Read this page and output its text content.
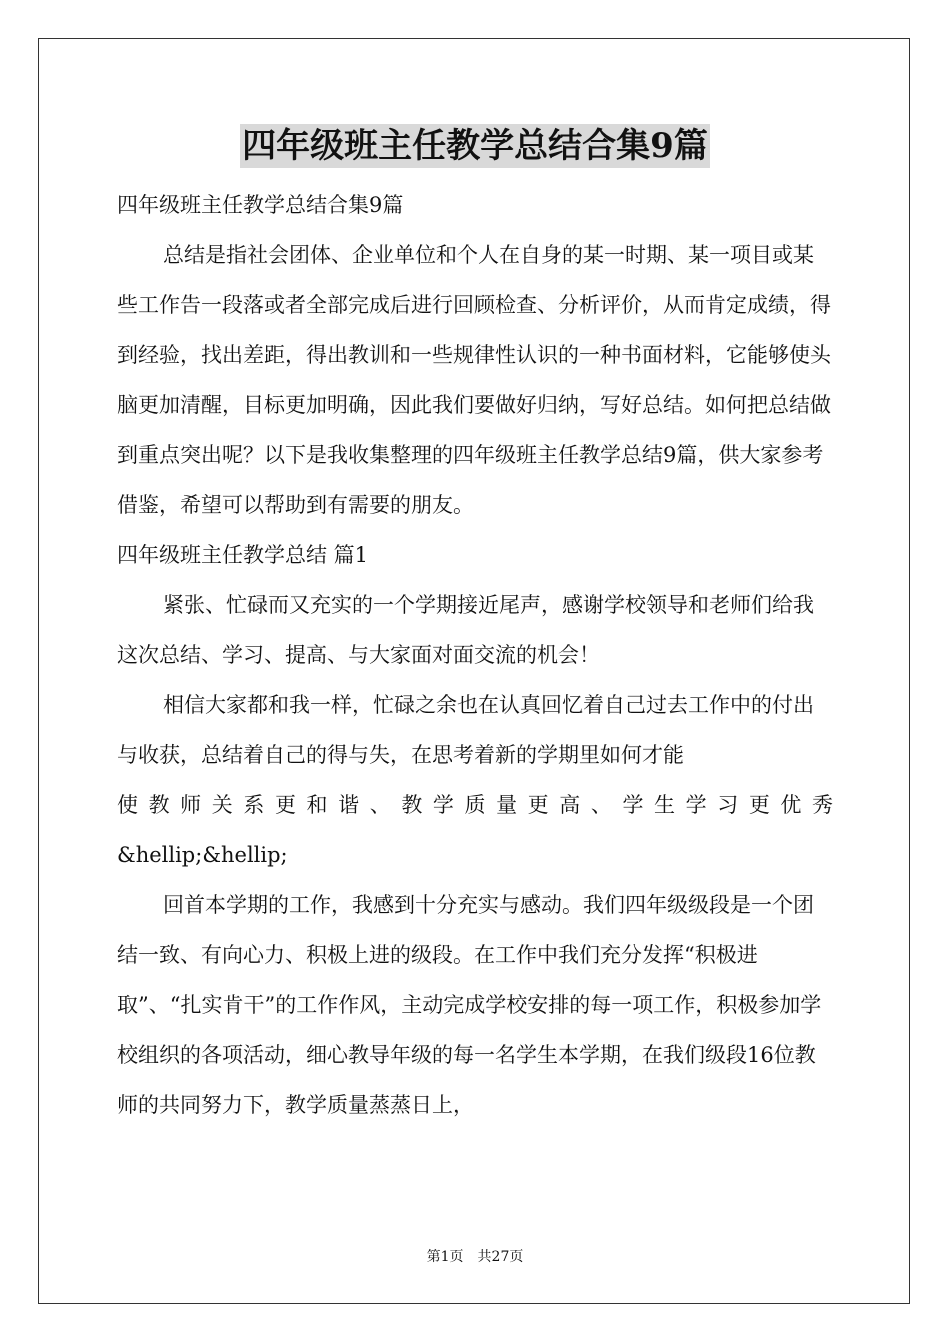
四年级班主任教学总结合集9篇

四年级班主任教学总结合集9篇

总结是指社会团体、企业单位和个人在自身的某一时期、某一项目或某些工作告一段落或者全部完成后进行回顾检查、分析评价，从而肯定成绩，得到经验，找出差距，得出教训和一些规律性认识的一种书面材料，它能够使头脑更加清醒，目标更加明确，因此我们要做好归纳，写好总结。如何把总结做到重点突出呢？以下是我收集整理的四年级班主任教学总结9篇，供大家参考借鉴，希望可以帮助到有需要的朋友。

四年级班主任教学总结 篇1

紧张、忙碌而又充实的一个学期接近尾声，感谢学校领导和老师们给我这次总结、学习、提高、与大家面对面交流的机会！

相信大家都和我一样，忙碌之余也在认真回忆着自己过去工作中的付出与收获，总结着自己的得与失，在思考着新的学期里如何才能

使教师关系更和谐、教学质量更高、学生学习更优秀

&hellip;&hellip;

回首本学期的工作，我感到十分充实与感动。我们四年级级段是一个团结一致、有向心力、积极上进的级段。在工作中我们充分发挥“积极进取”、“扎实肯干”的工作作风，主动完成学校安排的每一项工作，积极参加学校组织的各项活动，细心教导年级的每一名学生本学期，在我们级段16位教师的共同努力下，教学质量蒸蒸日上，

第1页　共27页
